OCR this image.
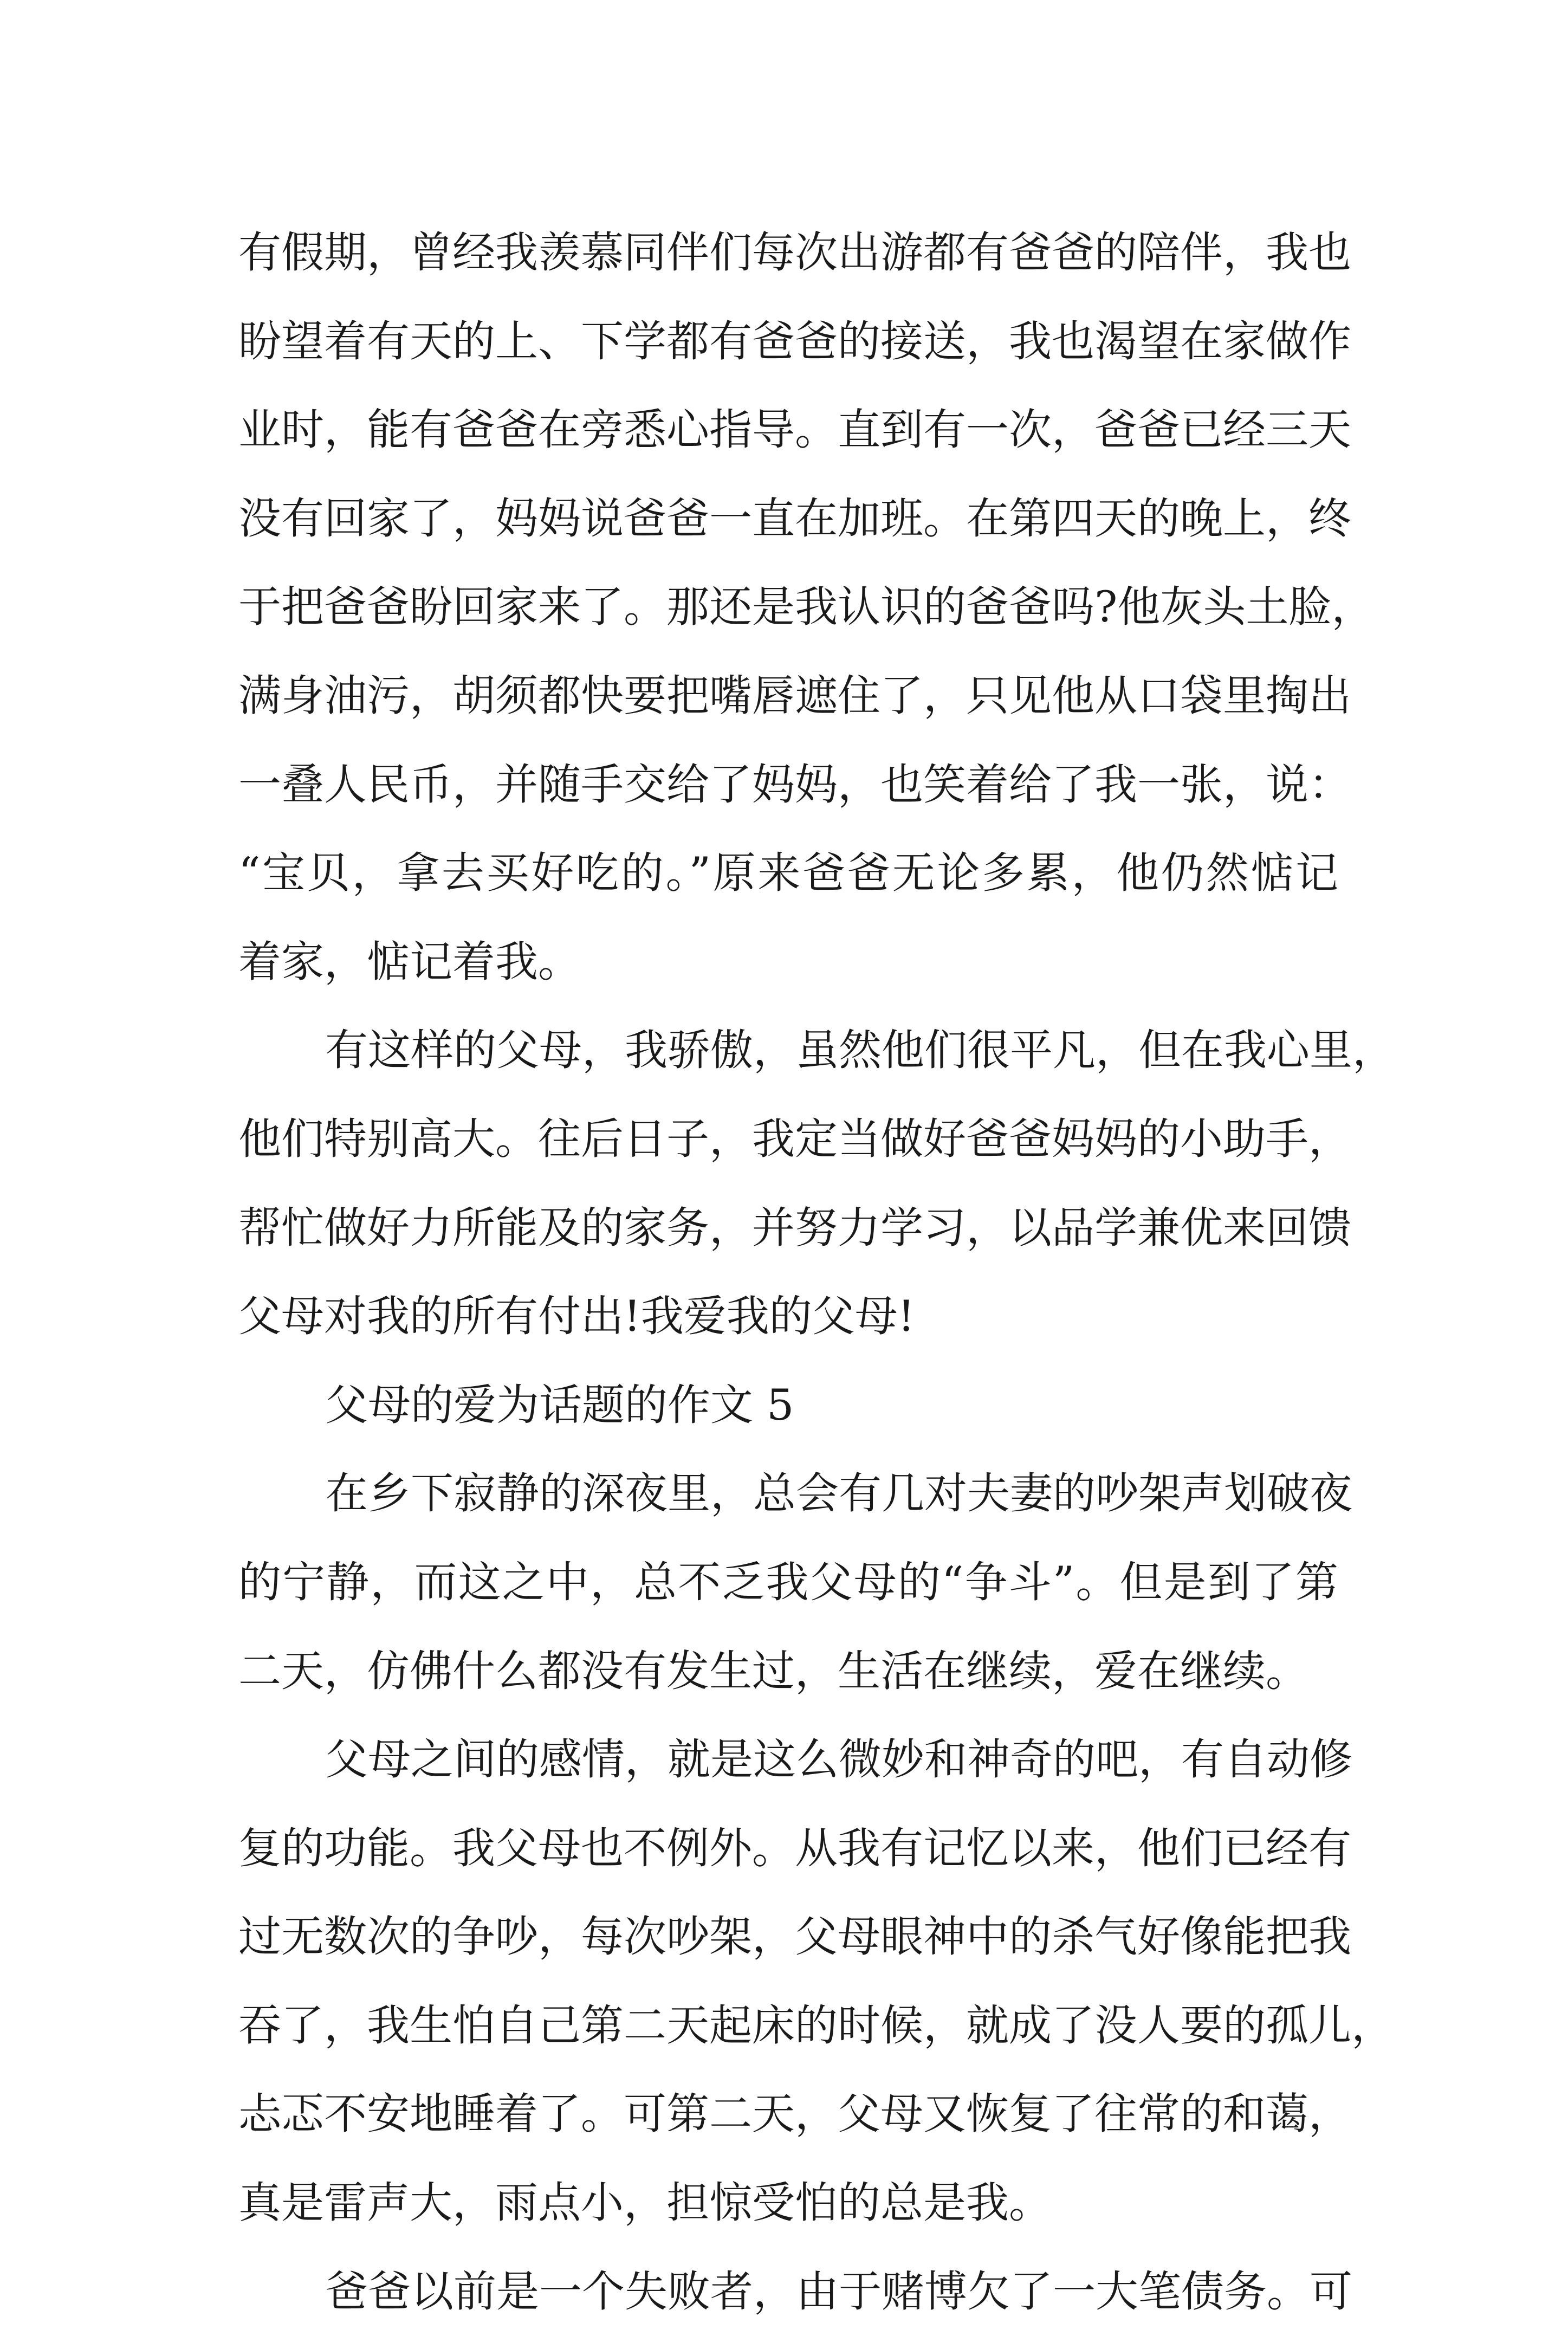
有假期，曾经我羡慕同伴们每次出游都有爸爸的陪伴，我也
盼望着有天的上、下学都有爸爸的接送，我也渴望在家做作
业时，能有爸爸在旁悉心指导。直到有一次，爸爸已经三天
没有回家了，妈妈说爸爸一直在加班。在第四天的晚上，终
于把爸爸盼回家来了。那还是我认识的爸爸吗?他灰头土脸，
满身油污，胡须都快要把嘴唇遮住了，只见他从口袋里掏出
一叠人民币，并随手交给了妈妈，也笑着给了我一张，说：
“宝贝，拿去买好吃的。”原来爸爸无论多累，他仍然惦记
着家，惦记着我。
有这样的父母，我骄傲，虽然他们很平凡，但在我心里，
他们特别高大。往后日子，我定当做好爸爸妈妈的小助手，
帮忙做好力所能及的家务，并努力学习，以品学兼优来回馈
父母对我的所有付出!我爱我的父母!
父母的爱为话题的作文 5
在乡下寂静的深夜里，总会有几对夫妻的吵架声划破夜
的宁静，而这之中，总不乏我父母的“争斗”。但是到了第
二天，仿佛什么都没有发生过，生活在继续，爱在继续。
父母之间的感情，就是这么微妙和神奇的吧，有自动修
复的功能。我父母也不例外。从我有记忆以来，他们已经有
过无数次的争吵，每次吵架，父母眼神中的杀气好像能把我
吞了，我生怕自己第二天起床的时候，就成了没人要的孤儿，
忐忑不安地睡着了。可第二天，父母又恢复了往常的和蔼，
真是雷声大，雨点小，担惊受怕的总是我。
爸爸以前是一个失败者，由于赌博欠了一大笔债务。可
